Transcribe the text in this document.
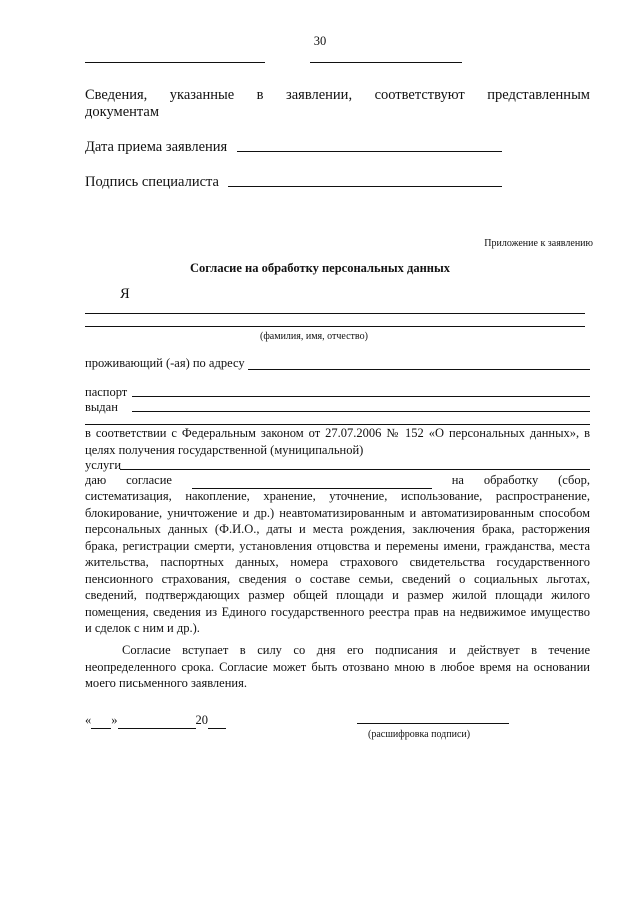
30
Сведения, указанные в заявлении, соответствуют представленным
документам
Дата приема заявления
Подпись специалиста
Приложение к заявлению
Согласие на обработку персональных данных
Я
(фамилия, имя, отчество)
проживающий (-ая) по адресу
паспорт
выдан
в соответствии с Федеральным законом от 27.07.2006 № 152 «О персональных данных», в целях получения государственной (муниципальной)
услуги
даю согласие	на обработку (сбор,
систематизация, накопление, хранение, уточнение, использование, распространение,
блокирование, уничтожение и др.) неавтоматизированным и автоматизированным способом
персональных данных (Ф.И.О., даты и места рождения, заключения брака, расторжения
брака, регистрации смерти, установления отцовства и перемены имени, гражданства, места
жительства, паспортных данных, номера страхового свидетельства государственного
пенсионного страхования, сведения о составе семьи, сведений о социальных льготах,
сведений, подтверждающих размер общей площади и размер жилой площади жилого
помещения, сведения из Единого государственного реестра прав на недвижимое имущество
и сделок с ним и др.).
Согласие вступает в силу со дня его подписания и действует в течение
неопределенного срока. Согласие может быть отозвано мною в любое время на основании
моего письменного заявления.
« »	20
(расшифровка подписи)
